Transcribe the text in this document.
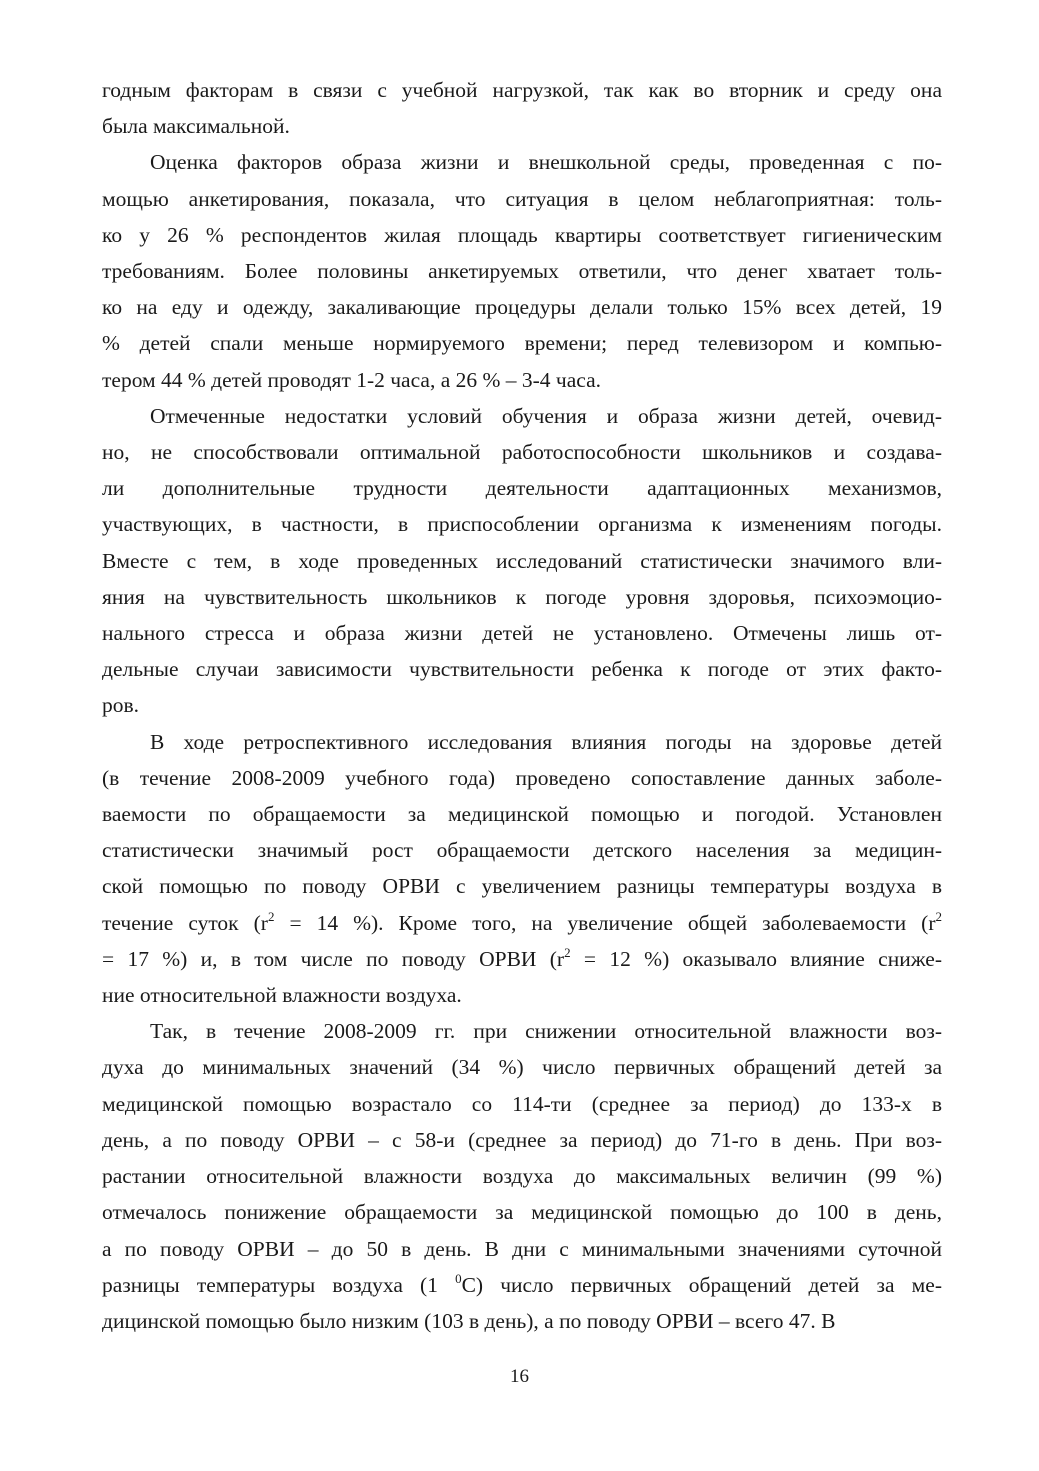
годным факторам в связи с учебной нагрузкой, так как во вторник и среду она
была максимальной.
Оценка факторов образа жизни и внешкольной среды, проведенная с по-
мощью анкетирования, показала, что ситуация в целом неблагоприятная: толь-
ко у 26 % респондентов жилая площадь квартиры соответствует гигиеническим
требованиям. Более половины анкетируемых ответили, что денег хватает толь-
ко на еду и одежду, закаливающие процедуры делали только 15% всех детей, 19
% детей спали меньше нормируемого времени; перед телевизором и компью-
тером 44 % детей проводят 1-2 часа, а 26 % – 3-4 часа.
Отмеченные недостатки условий обучения и образа жизни детей, очевид-
но, не способствовали оптимальной работоспособности школьников и создава-
ли дополнительные трудности деятельности адаптационных механизмов,
участвующих, в частности, в приспособлении организма к изменениям погоды.
Вместе с тем, в ходе проведенных исследований статистически значимого вли-
яния на чувствительность школьников к погоде уровня здоровья, психоэмоцио-
нального стресса и образа жизни детей не установлено. Отмечены лишь от-
дельные случаи зависимости чувствительности ребенка к погоде от этих факто-
ров.
В ходе ретроспективного исследования влияния погоды на здоровье детей
(в течение 2008-2009 учебного года) проведено сопоставление данных заболе-
ваемости по обращаемости за медицинской помощью и погодой. Установлен
статистически значимый рост обращаемости детского населения за медицин-
ской помощью по поводу ОРВИ с увеличением разницы температуры воздуха в
течение суток ($r^2 = 14$ %). Кроме того, на увеличение общей заболеваемости ($r^2$
= 17 %) и, в том числе по поводу ОРВИ ($r^2 = 12$ %) оказывало влияние сниже-
ние относительной влажности воздуха.
Так, в течение 2008-2009 гг. при снижении относительной влажности воз-
духа до минимальных значений (34 %) число первичных обращений детей за
медицинской помощью возрастало со 114-ти (среднее за период) до 133-х в
день, а по поводу ОРВИ – с 58-и (среднее за период) до 71-го в день. При воз-
растании относительной влажности воздуха до максимальных величин (99 %)
отмечалось понижение обращаемости за медицинской помощью до 100 в день,
а по поводу ОРВИ – до 50 в день. В дни с минимальными значениями суточной
разницы температуры воздуха (1 $^0$С) число первичных обращений детей за ме-
дицинской помощью было низким (103 в день), а по поводу ОРВИ – всего 47. В
16
